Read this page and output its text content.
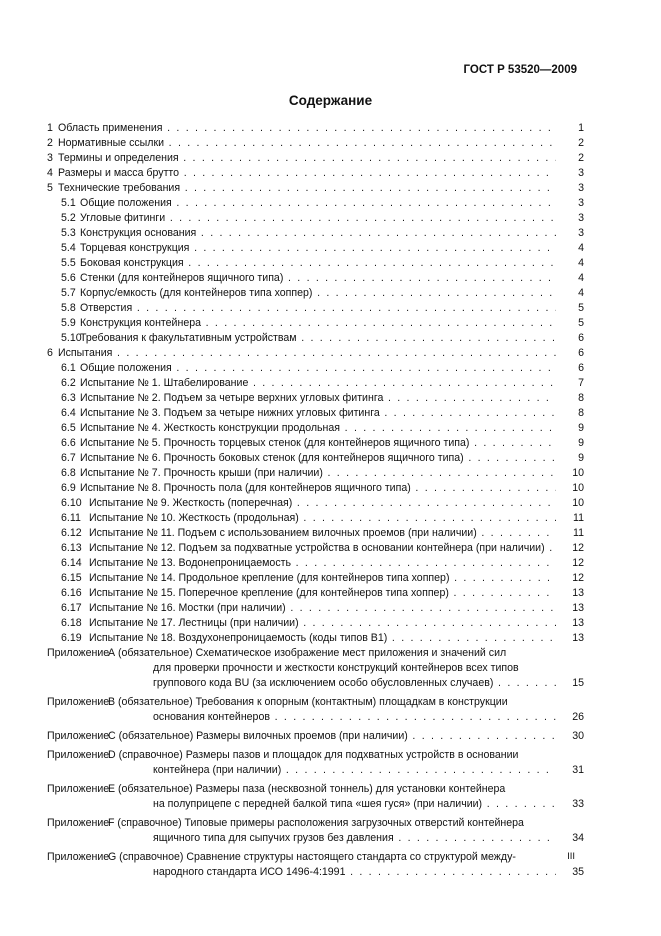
ГОСТ Р 53520—2009
Содержание
1 Область применения . . .	1
2 Нормативные ссылки . . .	2
3 Термины и определения . . .	2
4 Размеры и масса брутто . . .	3
5 Технические требования . . .	3
5.1 Общие положения . . .	3
5.2 Угловые фитинги . . .	3
5.3 Конструкция основания . . .	3
5.4 Торцевая конструкция . . .	4
5.5 Боковая конструкция . . .	4
5.6 Стенки (для контейнеров ящичного типа) . . .	4
5.7 Корпус/емкость (для контейнеров типа хоппер) . . .	4
5.8 Отверстия . . .	5
5.9 Конструкция контейнера . . .	5
5.10
Требования к факультативным устройствам . . .	6
6 Испытания . . .	6
6.1 Общие положения . . .	6
6.2 Испытание № 1. Штабелирование . . .	7
6.3 Испытание № 2. Подъем за четыре верхних угловых фитинга . . .	8
6.4 Испытание № 3. Подъем за четыре нижних угловых фитинга . . .	8
6.5 Испытание № 4. Жесткость конструкции продольная . . .	9
6.6 Испытание № 5. Прочность торцевых стенок (для контейнеров ящичного типа) . . .	9
6.7 Испытание № 6. Прочность боковых стенок (для контейнеров ящичного типа) . . .	9
6.8 Испытание № 7. Прочность крыши (при наличии) . . .	10
6.9 Испытание № 8. Прочность пола (для контейнеров ящичного типа) . . .	10
6.10 Испытание № 9. Жесткость (поперечная) . . .	10
6.11 Испытание № 10. Жесткость (продольная) . . .	11
6.12 Испытание № 11. Подъем с использованием вилочных проемов (при наличии) . . .	11
6.13 Испытание № 12. Подъем за подхватные устройства в основании контейнера (при наличии) . . .	12
6.14 Испытание № 13. Водонепроницаемость . . .	12
6.15 Испытание № 14. Продольное крепление (для контейнеров типа хоппер) . . .	12
6.16 Испытание № 15. Поперечное крепление (для контейнеров типа хоппер) . . .	13
6.17 Испытание № 16. Мостки (при наличии) . . .	13
6.18 Испытание № 17. Лестницы (при наличии) . . .	13
6.19 Испытание № 18. Воздухонепроницаемость (коды типов В1) . . .	13
Приложение
А (обязательное) Схематическое изображение мест приложения и значений сил
для проверки прочности и жесткости конструкций контейнеров всех типов
группового кода BU (за исключением особо обусловленных случаев) . . .	15
Приложение
В (обязательное) Требования к опорным (контактным) площадкам в конструкции
основания контейнеров . . .	26
Приложение
С (обязательное) Размеры вилочных проемов (при наличии) . . .	30
Приложение
D (справочное) Размеры пазов и площадок для подхватных устройств в основании
контейнера (при наличии) . . .	31
Приложение
Е (обязательное) Размеры паза (несквозной тоннель) для установки контейнера
на полуприцепе с передней балкой типа «шея гуся» (при наличии) . . .	33
Приложение
F (справочное) Типовые примеры расположения загрузочных отверстий контейнера
ящичного типа для сыпучих грузов без давления . . .	34
Приложение
G (справочное) Сравнение структуры настоящего стандарта со структурой между-
народного стандарта ИСО 1496-4:1991 . . .	35
III
